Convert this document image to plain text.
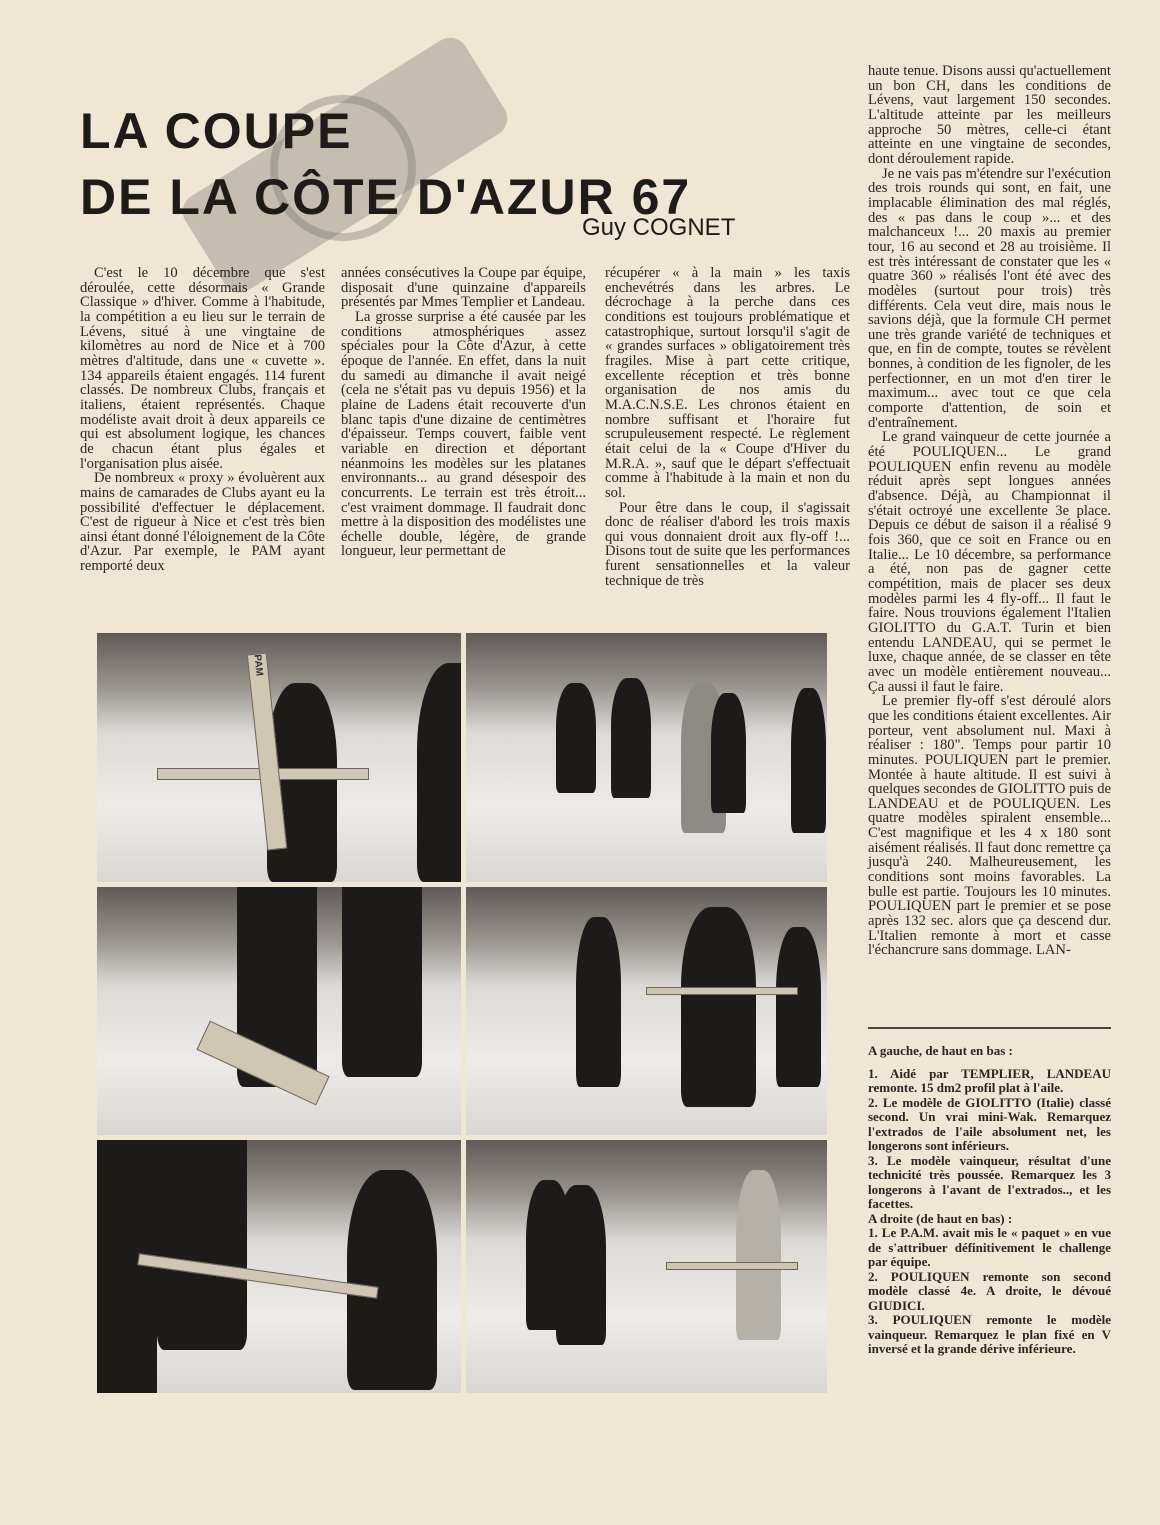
LA COUPE
DE LA CÔTE D'AZUR 67
Guy COGNET

C'est le 10 décembre que s'est déroulée, cette désormais « Grande Classique » d'hiver. Comme à l'habitude, la compétition a eu lieu sur le terrain de Lévens, situé à une vingtaine de kilomètres au nord de Nice et à 700 mètres d'altitude, dans une « cuvette ». 134 appareils étaient engagés. 114 furent classés. De nombreux Clubs, français et italiens, étaient représentés. Chaque modéliste avait droit à deux appareils ce qui est absolument logique, les chances de chacun étant plus égales et l'organisation plus aisée.

De nombreux « proxy » évoluèrent aux mains de camarades de Clubs ayant eu la possibilité d'effectuer le déplacement. C'est de rigueur à Nice et c'est très bien ainsi étant donné l'éloignement de la Côte d'Azur. Par exemple, le PAM ayant remporté deux

années consécutives la Coupe par équipe, disposait d'une quinzaine d'appareils présentés par Mmes Templier et Landeau.

La grosse surprise a été causée par les conditions atmosphériques assez spéciales pour la Côte d'Azur, à cette époque de l'année. En effet, dans la nuit du samedi au dimanche il avait neigé (cela ne s'était pas vu depuis 1956) et la plaine de Ladens était recouverte d'un blanc tapis d'une dizaine de centimètres d'épaisseur. Temps couvert, faible vent variable en direction et déportant néanmoins les modèles sur les platanes environnants... au grand désespoir des concurrents. Le terrain est très étroit... c'est vraiment dommage. Il faudrait donc mettre à la disposition des modélistes une échelle double, légère, de grande longueur, leur permettant de

récupérer « à la main » les taxis enchevétrés dans les arbres. Le décrochage à la perche dans ces conditions est toujours problématique et catastrophique, surtout lorsqu'il s'agit de « grandes surfaces » obligatoirement très fragiles. Mise à part cette critique, excellente réception et très bonne organisation de nos amis du M.A.C.N.S.E. Les chronos étaient en nombre suffisant et l'horaire fut scrupuleusement respecté. Le règlement était celui de la « Coupe d'Hiver du M.R.A. », sauf que le départ s'effectuait comme à l'habitude à la main et non du sol.

Pour être dans le coup, il s'agissait donc de réaliser d'abord les trois maxis qui vous donnaient droit aux fly-off !... Disons tout de suite que les performances furent sensationnelles et la valeur technique de très

haute tenue. Disons aussi qu'actuellement un bon CH, dans les conditions de Lévens, vaut largement 150 secondes. L'altitude atteinte par les meilleurs approche 50 mètres, celle-ci étant atteinte en une vingtaine de secondes, dont déroulement rapide.

Je ne vais pas m'étendre sur l'exécution des trois rounds qui sont, en fait, une implacable élimination des mal réglés, des « pas dans le coup »... et des malchanceux !... 20 maxis au premier tour, 16 au second et 28 au troisième. Il est très intéressant de constater que les « quatre 360 » réalisés l'ont été avec des modèles (surtout pour trois) très différents. Cela veut dire, mais nous le savions déjà, que la formule CH permet une très grande variété de techniques et que, en fin de compte, toutes se révèlent bonnes, à condition de les fignoler, de les perfectionner, en un mot d'en tirer le maximum... avec tout ce que cela comporte d'attention, de soin et d'entraînement.

Le grand vainqueur de cette journée a été POULIQUEN... Le grand POULIQUEN enfin revenu au modèle réduit après sept longues années d'absence. Déjà, au Championnat il s'était octroyé une excellente 3e place. Depuis ce début de saison il a réalisé 9 fois 360, que ce soit en France ou en Italie... Le 10 décembre, sa performance a été, non pas de gagner cette compétition, mais de placer ses deux modèles parmi les 4 fly-off... Il faut le faire. Nous trouvions également l'Italien GIOLITTO du G.A.T. Turin et bien entendu LANDEAU, qui se permet le luxe, chaque année, de se classer en tête avec un modèle entièrement nouveau... Ça aussi il faut le faire.

Le premier fly-off s'est déroulé alors que les conditions étaient excellentes. Air porteur, vent absolument nul. Maxi à réaliser : 180". Temps pour partir 10 minutes. POULIQUEN part le premier. Montée à haute altitude. Il est suivi à quelques secondes de GIOLITTO puis de LANDEAU et de POULIQUEN. Les quatre modèles spiralent ensemble... C'est magnifique et les 4 x 180 sont aisément réalisés. Il faut donc remettre ça jusqu'à 240. Malheureusement, les conditions sont moins favorables. La bulle est partie. Toujours les 10 minutes. POULIQUEN part le premier et se pose après 132 sec. alors que ça descend dur. L'Italien remonte à mort et casse l'échancrure sans dommage. LAN-

A gauche, de haut en bas :

1. Aidé par TEMPLIER, LANDEAU remonte. 15 dm2 profil plat à l'aile.

2. Le modèle de GIOLITTO (Italie) classé second. Un vrai mini-Wak. Remarquez l'extrados de l'aile absolument net, les longerons sont inférieurs.

3. Le modèle vainqueur, résultat d'une technicité très poussée. Remarquez les 3 longerons à l'avant de l'extrados.., et les facettes.

A droite (de haut en bas) :

1. Le P.A.M. avait mis le « paquet » en vue de s'attribuer définitivement le challenge par équipe.

2. POULIQUEN remonte son second modèle classé 4e. A droite, le dévoué GIUDICI.

3. POULIQUEN remonte le modèle vainqueur. Remarquez le plan fixé en V inversé et la grande dérive inférieure.

PAM
